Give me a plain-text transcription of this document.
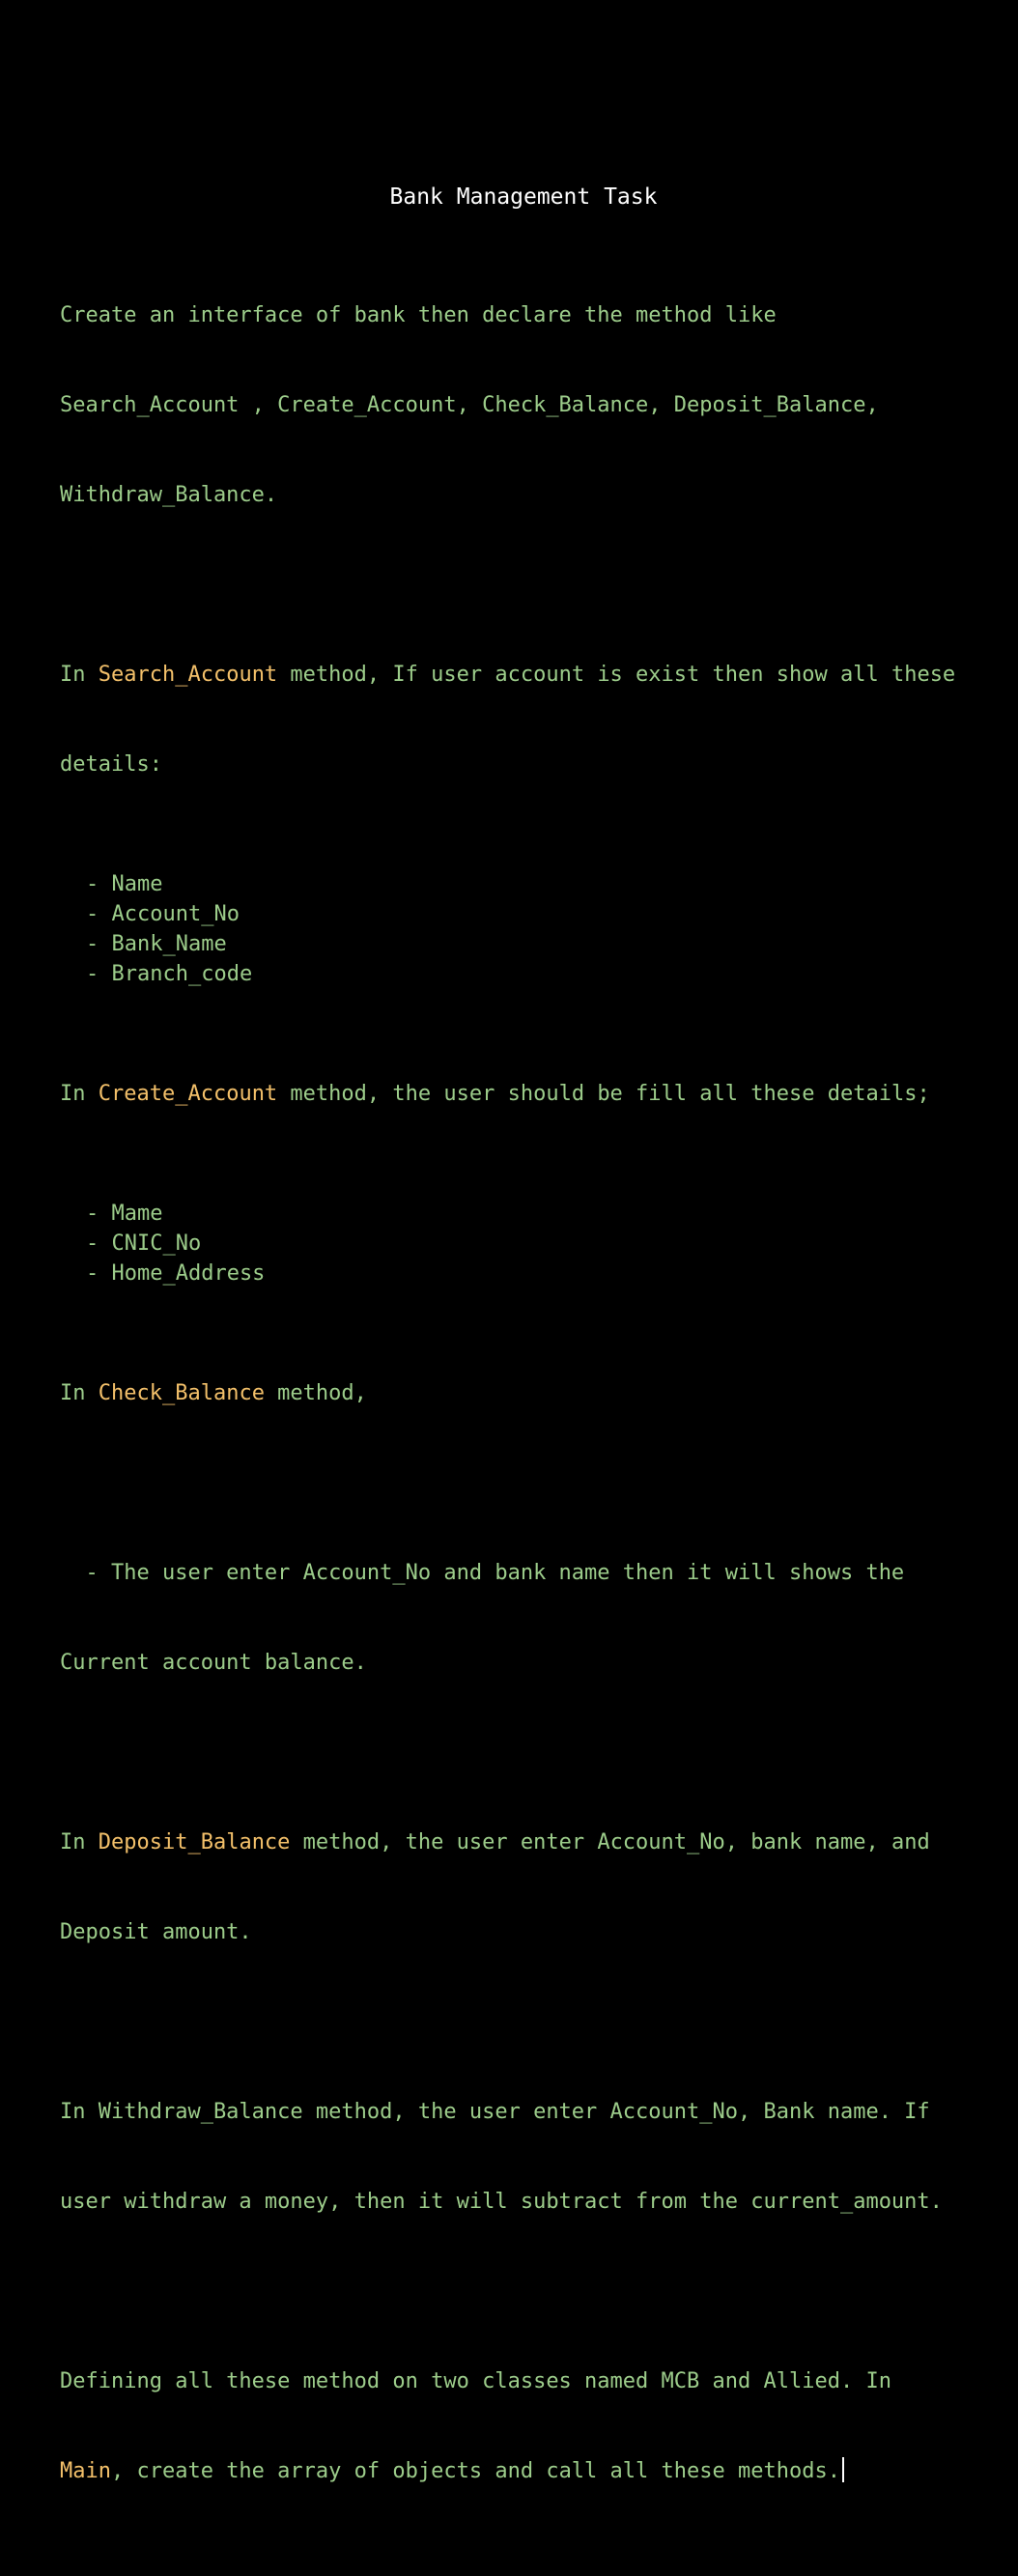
Bank Management Task

Create an interface of bank then declare the method like

Search_Account , Create_Account, Check_Balance, Deposit_Balance,

Withdraw_Balance.

In Search_Account method, If user account is exist then show all these

details:

- Name
- Account_No
- Bank_Name
- Branch_code

In Create_Account method, the user should be fill all these details;

- Mame
- CNIC_No
- Home_Address

In Check_Balance method,

- The user enter Account_No and bank name then it will shows the

Current account balance.

In Deposit_Balance method, the user enter Account_No, bank name, and

Deposit amount.

In Withdraw_Balance method, the user enter Account_No, Bank name. If

user withdraw a money, then it will subtract from the current_amount.

Defining all these method on two classes named MCB and Allied. In

Main, create the array of objects and call all these methods.
